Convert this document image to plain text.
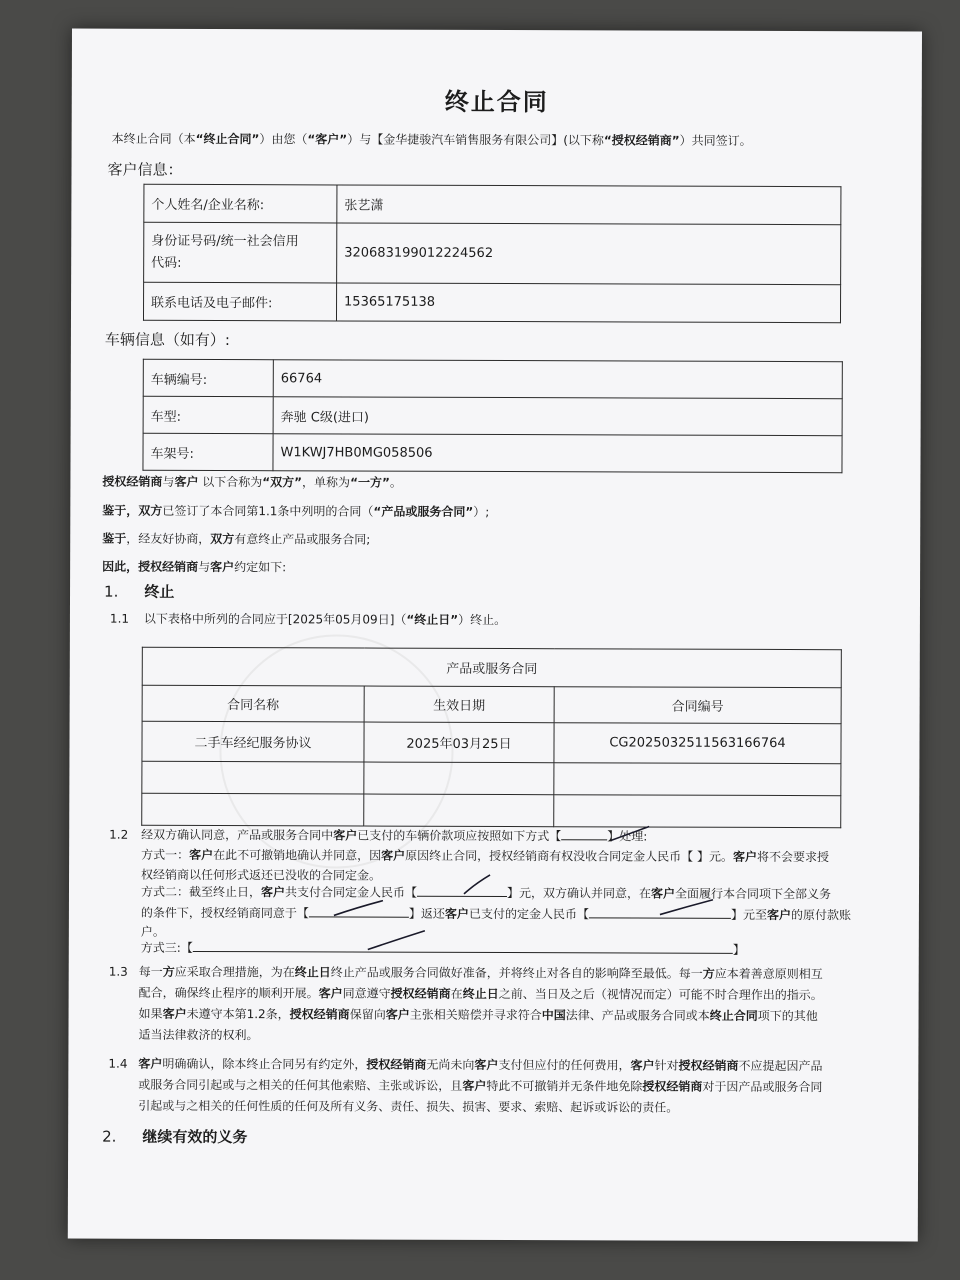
终止合同

本终止合同（本“终止合同”）由您（“客户”）与【金华捷骏汽车销售服务有限公司】(以下称“授权经销商”）共同签订。

客户信息：

个人姓名/企业名称:	张艺潇
身份证号码/统一社会信用
代码:	320683199012224562
联系电话及电子邮件:	15365175138

车辆信息（如有）:

车辆编号:	66764
车型:	奔驰 C级(进口)
车架号:	W1KWJ7HB0MG058506

授权经销商与客户 以下合称为“双方”，单称为“一方”。

鉴于，双方已签订了本合同第1.1条中列明的合同（“产品或服务合同”）;

鉴于，经友好协商，双方有意终止产品或服务合同;

因此，授权经销商与客户约定如下:

1. 终止

1.1 以下表格中所列的合同应于[2025年05月09日]（“终止日”）终止。

产品或服务合同		
合同名称	生效日期	合同编号
二手车经纪服务协议	2025年03月25日	CG2025032511563166764

1.2 经双方确认同意，产品或服务合同中客户已支付的车辆价款项应按照如下方式【	】处理:

方式一：客户在此不可撤销地确认并同意，因客户原因终止合同，授权经销商有权没收合同定金人民币【 】元。客户将不会要求授

权经销商以任何形式返还已没收的合同定金。

方式二：截至终止日，客户共支付合同定金人民币【	】元，双方确认并同意，在客户全面履行本合同项下全部义务

的条件下，授权经销商同意于【	】返还客户已支付的定金人民币【	】元至客户的原付款账

户。

方式三:【	】

1.3 每一方应采取合理措施，为在终止日终止产品或服务合同做好准备，并将终止对各自的影响降至最低。每一方应本着善意原则相互
配合，确保终止程序的顺利开展。客户同意遵守授权经销商在终止日之前、当日及之后（视情况而定）可能不时合理作出的指示。
如果客户未遵守本第1.2条，授权经销商保留向客户主张相关赔偿并寻求符合中国法律、产品或服务合同或本终止合同项下的其他
适当法律救济的权利。
1.4 客户明确确认，除本终止合同另有约定外，授权经销商无尚未向客户支付但应付的任何费用，客户针对授权经销商不应提起因产品
或服务合同引起或与之相关的任何其他索赔、主张或诉讼，且客户特此不可撤销并无条件地免除授权经销商对于因产品或服务合同
引起或与之相关的任何性质的任何及所有义务、责任、损失、损害、要求、索赔、起诉或诉讼的责任。

2. 继续有效的义务
